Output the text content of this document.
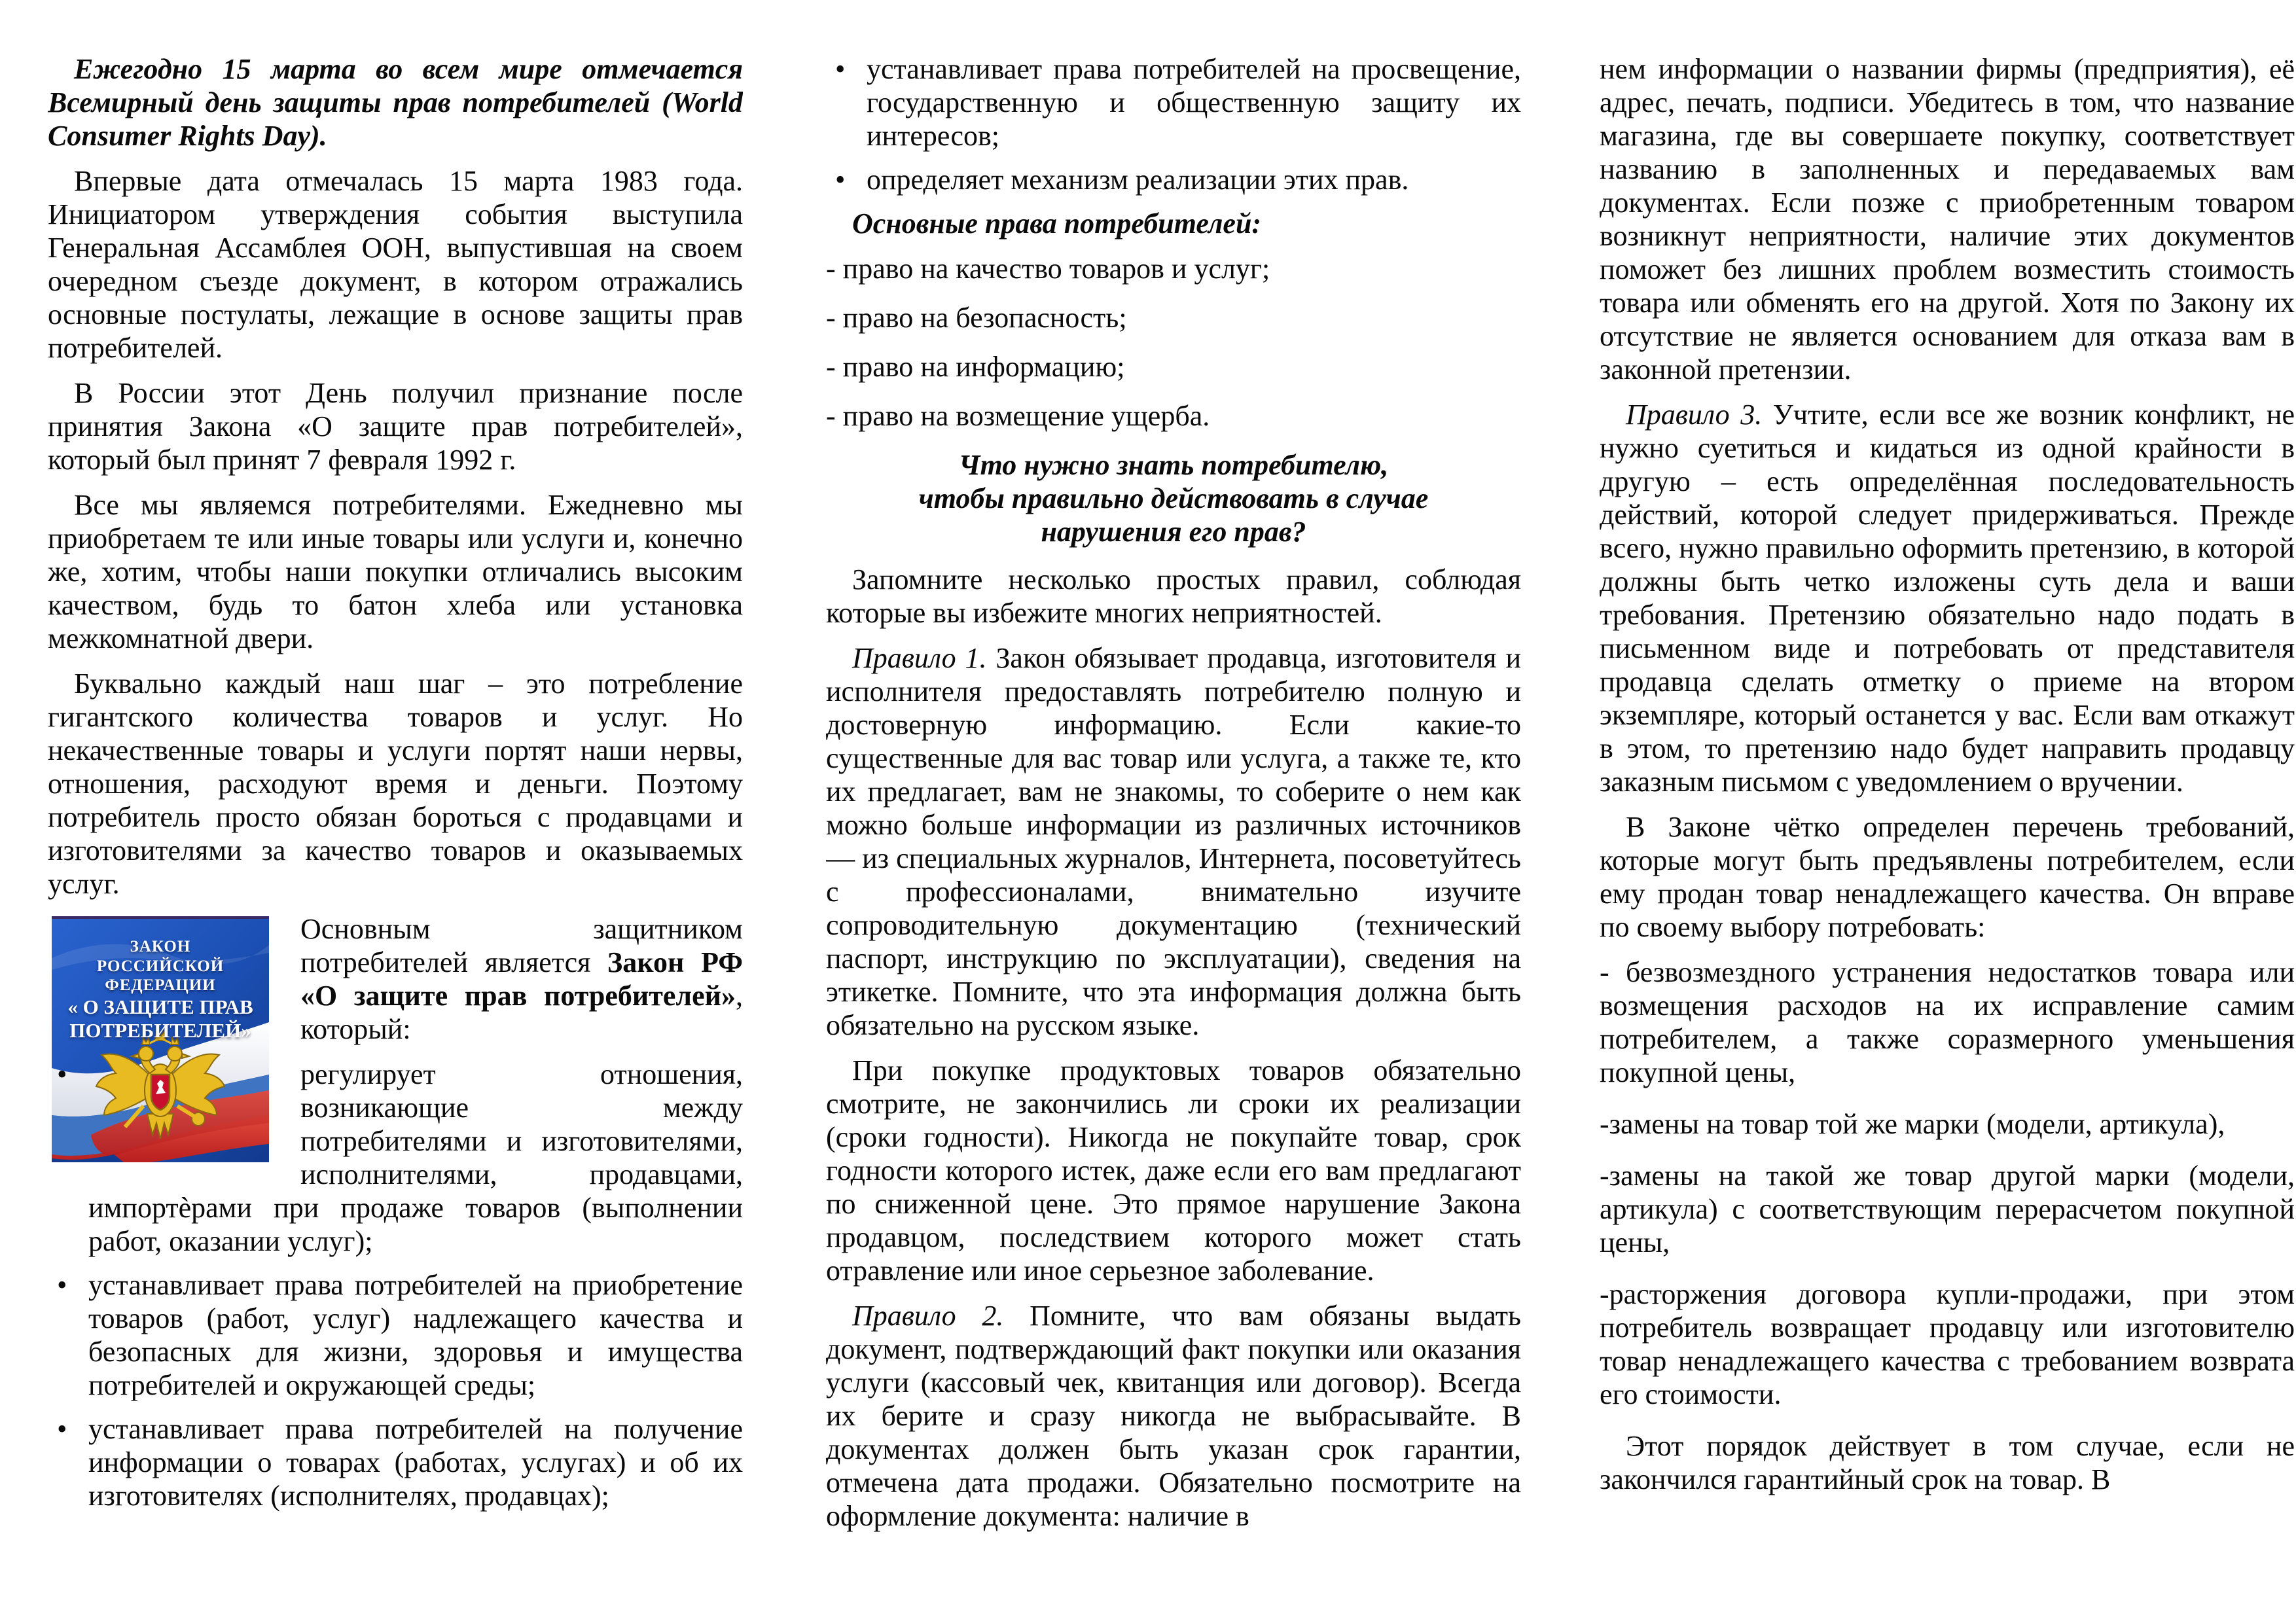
Ежегодно 15 марта во всем мире отмечается Всемирный день защиты прав потребителей (World Consumer Rights Day).

Впервые дата отмечалась 15 марта 1983 года. Инициатором утверждения события выступила Генеральная Ассамблея ООН, выпустившая на своем очередном съезде документ, в котором отражались основные постулаты, лежащие в основе защиты прав потребителей.

В России этот День получил признание после принятия Закона «О защите прав потребителей», который был принят 7 февраля 1992 г.

Все мы являемся потребителями. Ежедневно мы приобретаем те или иные товары или услуги и, конечно же, хотим, чтобы наши покупки отличались высоким качеством, будь то батон хлеба или установка межкомнатной двери.

Буквально каждый наш шаг – это потребление гигантского количества товаров и услуг. Но некачественные товары и услуги портят наши нервы, отношения, расходуют время и деньги. Поэтому потребитель просто обязан бороться с продавцами и изготовителями за качество товаров и оказываемых услуг.

ЗАКОН
РОССИЙСКОЙ ФЕДЕРАЦИИ
« О ЗАЩИТЕ ПРАВ
ПОТРЕБИТЕЛЕЙ»

Основным защитником потребителей является Закон РФ «О защите прав потребителей», который:

• регулирует отношения, возникающие между потребителями и изготовителями, исполнителями, продавцами, импортѐрами при продаже товаров (выполнении работ, оказании услуг);
• устанавливает права потребителей на приобретение товаров (работ, услуг) надлежащего качества и безопасных для жизни, здоровья и имущества потребителей и окружающей среды;
• устанавливает права потребителей на получение информации о товарах (работах, услугах) и об их изготовителях (исполнителях, продавцах);
• устанавливает права потребителей на просвещение, государственную и общественную защиту их интересов;
• определяет механизм реализации этих прав.

Основные права потребителей:

- право на качество товаров и услуг;

- право на безопасность;

- право на информацию;

- право на возмещение ущерба.

Что нужно знать потребителю,
чтобы правильно действовать в случае
нарушения его прав?

Запомните несколько простых правил, соблюдая которые вы избежите многих неприятностей.

Правило 1. Закон обязывает продавца, изготовителя и исполнителя предоставлять потребителю полную и достоверную информацию. Если какие-то существенные для вас товар или услуга, а также те, кто их предлагает, вам не знакомы, то соберите о нем как можно больше информации из различных источников — из специальных журналов, Интернета, посоветуйтесь с профессионалами, внимательно изучите сопроводительную документацию (технический паспорт, инструкцию по эксплуатации), сведения на этикетке. Помните, что эта информация должна быть обязательно на русском языке.

При покупке продуктовых товаров обязательно смотрите, не закончились ли сроки их реализации (сроки годности). Никогда не покупайте товар, срок годности которого истек, даже если его вам предлагают по сниженной цене. Это прямое нарушение Закона продавцом, последствием которого может стать отравление или иное серьезное заболевание.

Правило 2. Помните, что вам обязаны выдать документ, подтверждающий факт покупки или оказания услуги (кассовый чек, квитанция или договор). Всегда их берите и сразу никогда не выбрасывайте. В документах должен быть указан срок гарантии, отмечена дата продажи. Обязательно посмотрите на оформление документа: наличие в

нем информации о названии фирмы (предприятия), её адрес, печать, подписи. Убедитесь в том, что название магазина, где вы совершаете покупку, соответствует названию в заполненных и передаваемых вам документах. Если позже с приобретенным товаром возникнут неприятности, наличие этих документов поможет без лишних проблем возместить стоимость товара или обменять его на другой. Хотя по Закону их отсутствие не является основанием для отказа вам в законной претензии.

Правило 3. Учтите, если все же возник конфликт, не нужно суетиться и кидаться из одной крайности в другую – есть определённая последовательность действий, которой следует придерживаться. Прежде всего, нужно правильно оформить претензию, в которой должны быть четко изложены суть дела и ваши требования. Претензию обязательно надо подать в письменном виде и потребовать от представителя продавца сделать отметку о приеме на втором экземпляре, который останется у вас. Если вам откажут в этом, то претензию надо будет направить продавцу заказным письмом с уведомлением о вручении.

В Законе чётко определен перечень требований, которые могут быть предъявлены потребителем, если ему продан товар ненадлежащего качества. Он вправе по своему выбору потребовать:

- безвозмездного устранения недостатков товара или возмещения расходов на их исправление самим потребителем, а также соразмерного уменьшения покупной цены,

-замены на товар той же марки (модели, артикула),

-замены на такой же товар другой марки (модели, артикула) с соответствующим перерасчетом покупной цены,

-расторжения договора купли-продажи, при этом потребитель возвращает продавцу или изготовителю товар ненадлежащего качества с требованием возврата его стоимости.

Этот порядок действует в том случае, если не закончился гарантийный срок на товар. В
